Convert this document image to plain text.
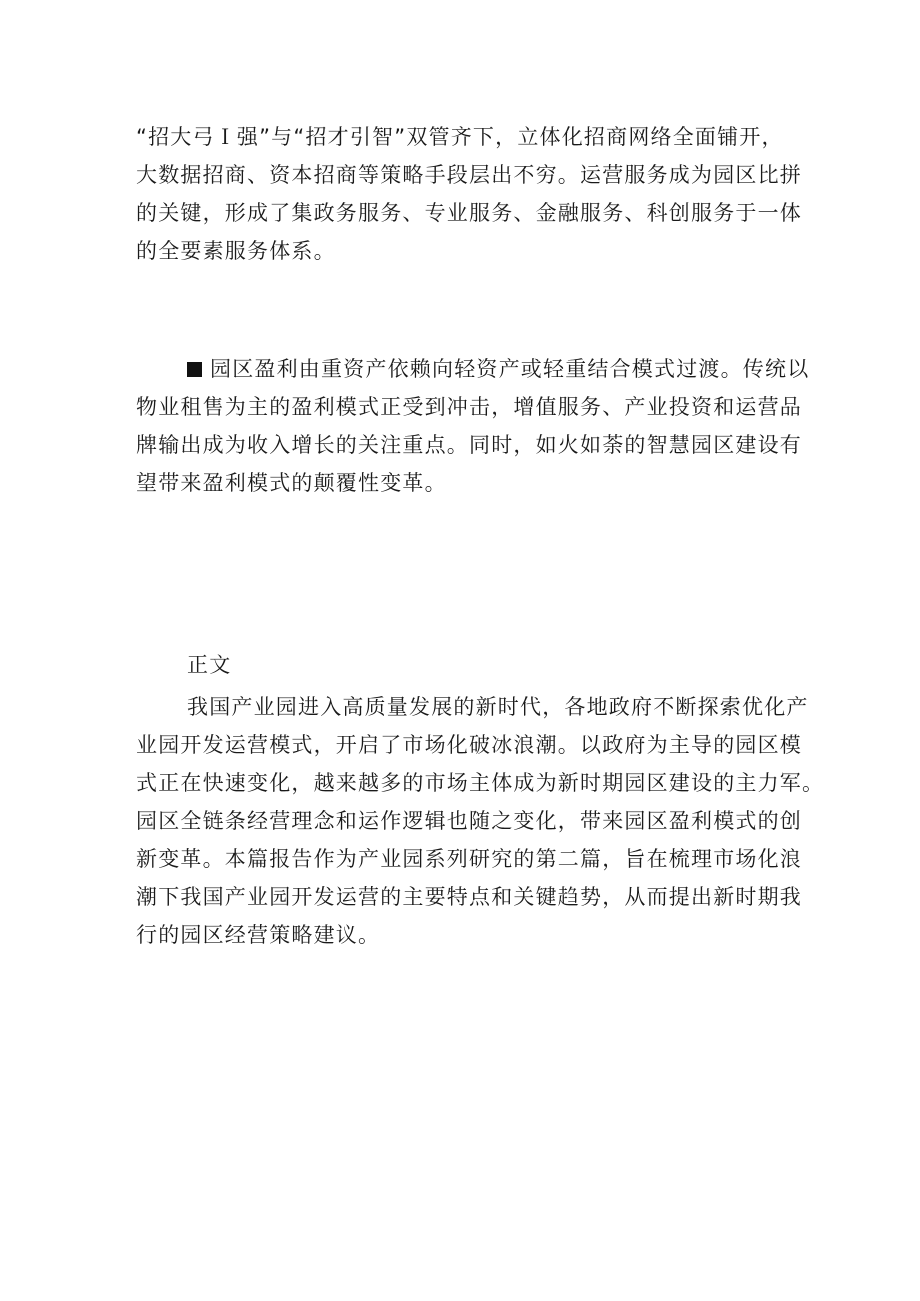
“招大弓Ｉ强”与“招才引智”双管齐下，立体化招商网络全面铺开，
大数据招商、资本招商等策略手段层出不穷。运营服务成为园区比拼
的关键，形成了集政务服务、专业服务、金融服务、科创服务于一体
的全要素服务体系。
园区盈利由重资产依赖向轻资产或轻重结合模式过渡。传统以
物业租售为主的盈利模式正受到冲击，增值服务、产业投资和运营品
牌输出成为收入增长的关注重点。同时，如火如荼的智慧园区建设有
望带来盈利模式的颠覆性变革。
正文
我国产业园进入高质量发展的新时代，各地政府不断探索优化产
业园开发运营模式，开启了市场化破冰浪潮。以政府为主导的园区模
式正在快速变化，越来越多的市场主体成为新时期园区建设的主力军。
园区全链条经营理念和运作逻辑也随之变化，带来园区盈利模式的创
新变革。本篇报告作为产业园系列研究的第二篇，旨在梳理市场化浪
潮下我国产业园开发运营的主要特点和关键趋势，从而提出新时期我
行的园区经营策略建议。
